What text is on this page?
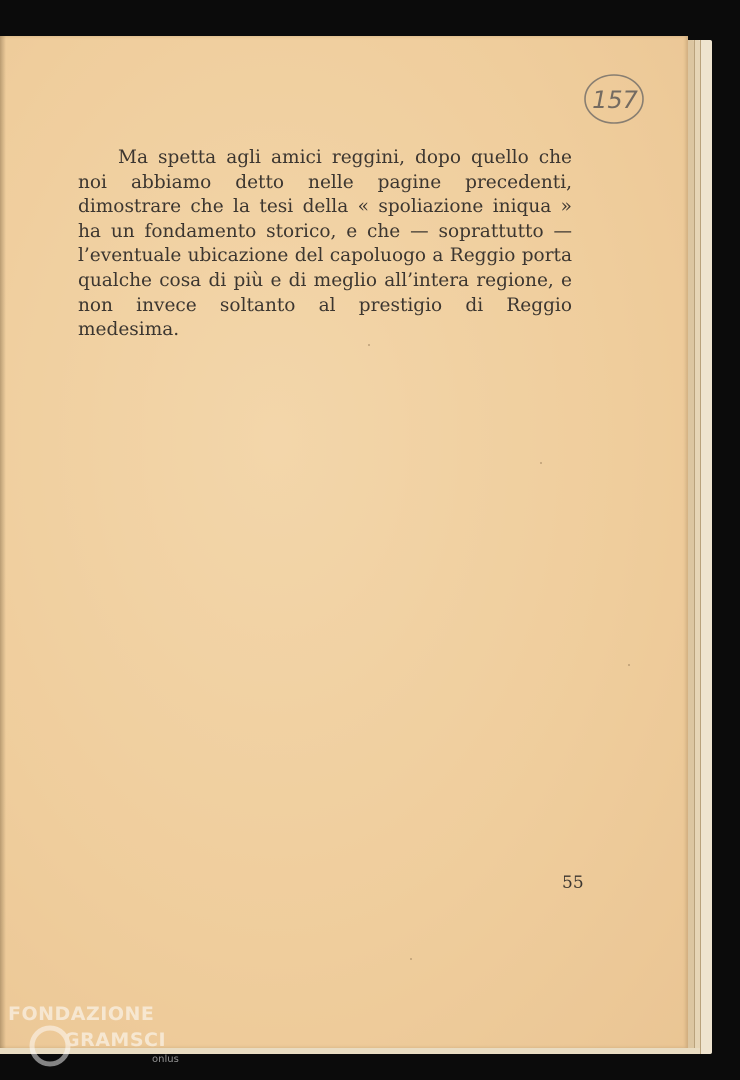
157

Ma spetta agli amici reggini, dopo quello che noi abbiamo detto nelle pagine precedenti, dimostrare che la tesi della « spoliazione iniqua » ha un fondamento storico, e che — soprattutto — l’eventuale ubicazione del capoluogo a Reggio porta qualche cosa di più e di meglio all’intera regione, e non invece soltanto al prestigio di Reggio medesima.

55
FONDAZIONE
GRAMSCI
onlus
